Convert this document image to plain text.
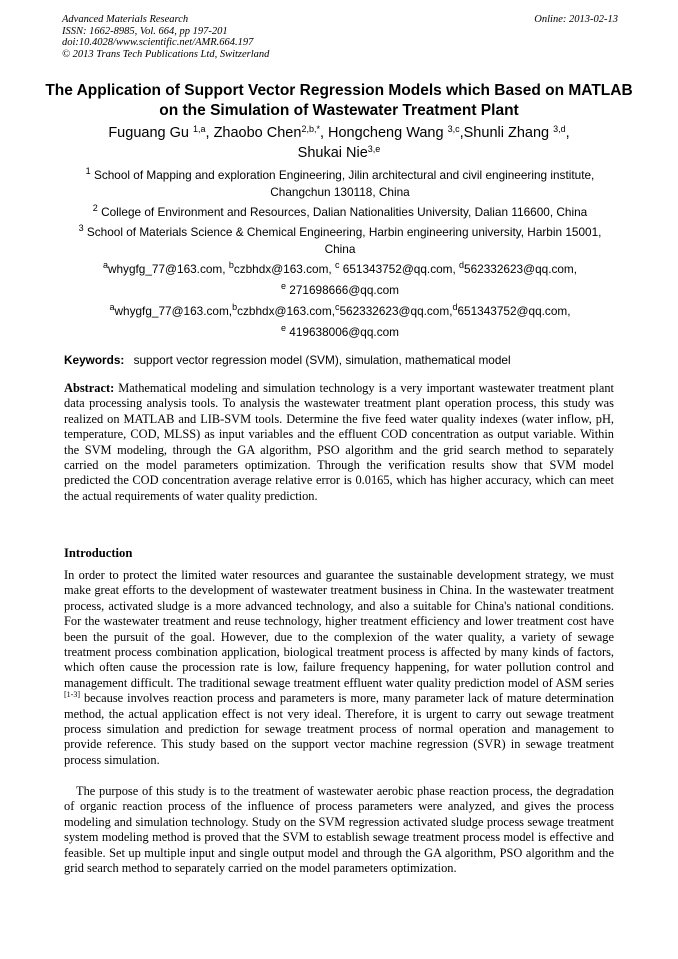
Advanced Materials Research
ISSN: 1662-8985, Vol. 664, pp 197-201
doi:10.4028/www.scientific.net/AMR.664.197
© 2013 Trans Tech Publications Ltd, Switzerland
Online: 2013-02-13
The Application of Support Vector Regression Models which Based on MATLAB on the Simulation of Wastewater Treatment Plant
Fuguang Gu $^{1,a}$, Zhaobo Chen$^{2,b,*}$, Hongcheng Wang $^{3,c}$,Shunli Zhang $^{3,d}$,
Shukai Nie$^{3,e}$
$^1$ School of Mapping and exploration Engineering, Jilin architectural and civil engineering institute, Changchun 130118, China
$^2$ College of Environment and Resources, Dalian Nationalities University, Dalian 116600, China
$^3$ School of Materials Science & Chemical Engineering, Harbin engineering university, Harbin 15001, China
$^a$whygfg_77@163.com, $^b$czbhdx@163.com, $^c$ 651343752@qq.com, $^d$562332623@qq.com,
$^e$ 271698666@qq.com
$^a$whygfg_77@163.com,$^b$czbhdx@163.com,$^c$562332623@qq.com,$^d$651343752@qq.com,
$^e$ 419638006@qq.com
Keywords: support vector regression model (SVM), simulation, mathematical model
Abstract: Mathematical modeling and simulation technology is a very important wastewater treatment plant data processing analysis tools. To analysis the wastewater treatment plant operation process, this study was realized on MATLAB and LIB-SVM tools. Determine the five feed water quality indexes (water inflow, pH, temperature, COD, MLSS) as input variables and the effluent COD concentration as output variable. Within the SVM modeling, through the GA algorithm, PSO algorithm and the grid search method to separately carried on the model parameters optimization. Through the verification results show that SVM model predicted the COD concentration average relative error is 0.0165, which has higher accuracy, which can meet the actual requirements of water quality prediction.
Introduction
In order to protect the limited water resources and guarantee the sustainable development strategy, we must make great efforts to the development of wastewater treatment business in China. In the wastewater treatment process, activated sludge is a more advanced technology, and also a suitable for China's national conditions. For the wastewater treatment and reuse technology, higher treatment efficiency and lower treatment cost have been the pursuit of the goal. However, due to the complexion of the water quality, a variety of sewage treatment process combination application, biological treatment process is affected by many kinds of factors, which often cause the procession rate is low, failure frequency happening, for water pollution control and management difficult. The traditional sewage treatment effluent water quality prediction model of ASM series [1-3] because involves reaction process and parameters is more, many parameter lack of mature determination method, the actual application effect is not very ideal. Therefore, it is urgent to carry out sewage treatment process simulation and prediction for sewage treatment process of normal operation and management to provide reference. This study based on the support vector machine regression (SVR) in sewage treatment process simulation.
The purpose of this study is to the treatment of wastewater aerobic phase reaction process, the degradation of organic reaction process of the influence of process parameters were analyzed, and gives the process modeling and simulation technology. Study on the SVM regression activated sludge process sewage treatment system modeling method is proved that the SVM to establish sewage treatment process model is effective and feasible. Set up multiple input and single output model and through the GA algorithm, PSO algorithm and the grid search method to separately carried on the model parameters optimization.
